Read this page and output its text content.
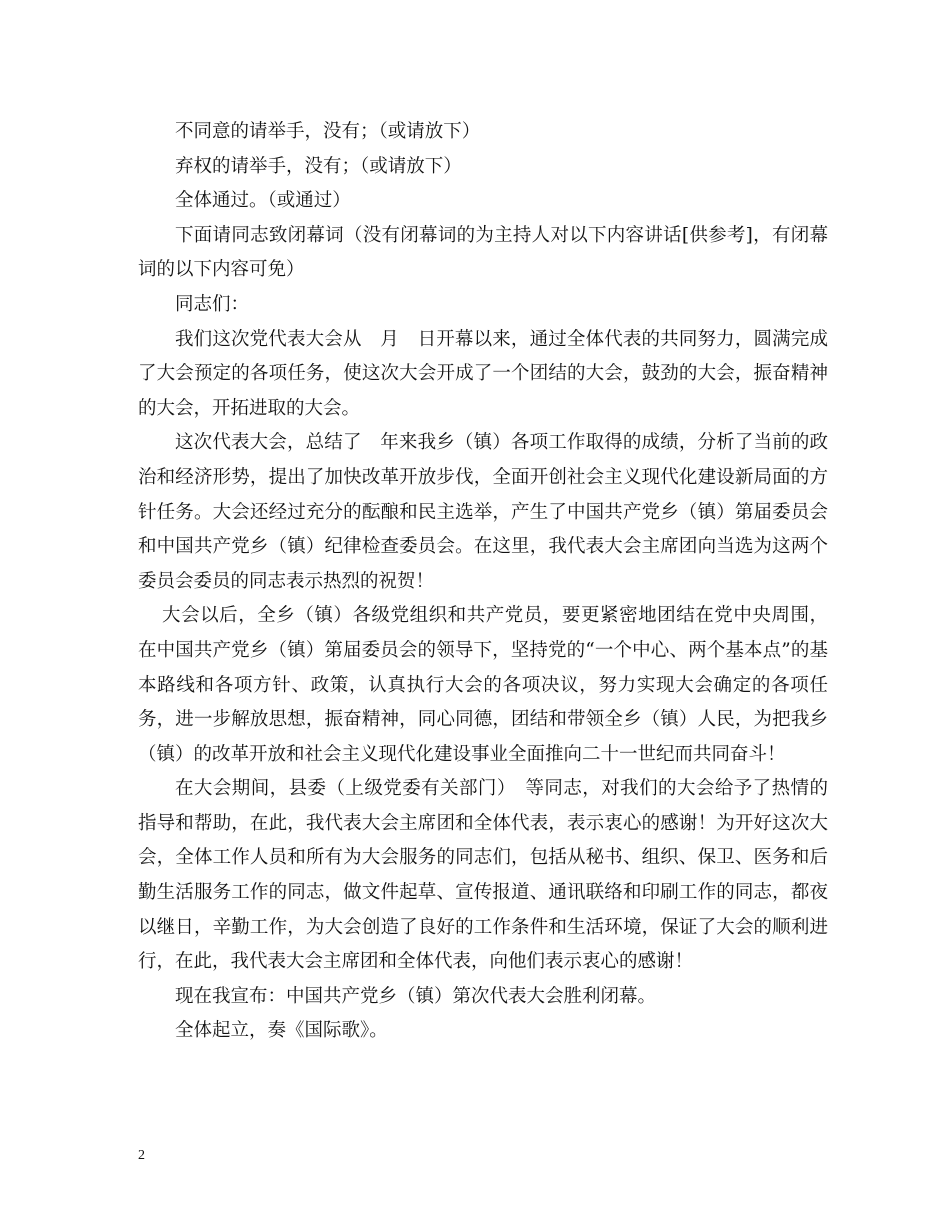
不同意的请举手，没有；（或请放下）

弃权的请举手，没有；（或请放下）

全体通过。（或通过）

下面请同志致闭幕词（没有闭幕词的为主持人对以下内容讲话[供参考]，有闭幕词的以下内容可免）

同志们：

我们这次党代表大会从　月　日开幕以来，通过全体代表的共同努力，圆满完成了大会预定的各项任务，使这次大会开成了一个团结的大会，鼓劲的大会，振奋精神的大会，开拓进取的大会。

这次代表大会，总结了　年来我乡（镇）各项工作取得的成绩，分析了当前的政治和经济形势，提出了加快改革开放步伐，全面开创社会主义现代化建设新局面的方针任务。大会还经过充分的酝酿和民主选举，产生了中国共产党乡（镇）第届委员会和中国共产党乡（镇）纪律检查委员会。在这里，我代表大会主席团向当选为这两个委员会委员的同志表示热烈的祝贺！

大会以后，全乡（镇）各级党组织和共产党员，要更紧密地团结在党中央周围，在中国共产党乡（镇）第届委员会的领导下，坚持党的“一个中心、两个基本点”的基本路线和各项方针、政策，认真执行大会的各项决议，努力实现大会确定的各项任务，进一步解放思想，振奋精神，同心同德，团结和带领全乡（镇）人民，为把我乡（镇）的改革开放和社会主义现代化建设事业全面推向二十一世纪而共同奋斗！

在大会期间，县委（上级党委有关部门）　等同志，对我们的大会给予了热情的指导和帮助，在此，我代表大会主席团和全体代表，表示衷心的感谢！为开好这次大会，全体工作人员和所有为大会服务的同志们，包括从秘书、组织、保卫、医务和后勤生活服务工作的同志，做文件起草、宣传报道、通讯联络和印刷工作的同志，都夜以继日，辛勤工作，为大会创造了良好的工作条件和生活环境，保证了大会的顺利进行，在此，我代表大会主席团和全体代表，向他们表示衷心的感谢！

现在我宣布：中国共产党乡（镇）第次代表大会胜利闭幕。

全体起立，奏《国际歌》。

2
